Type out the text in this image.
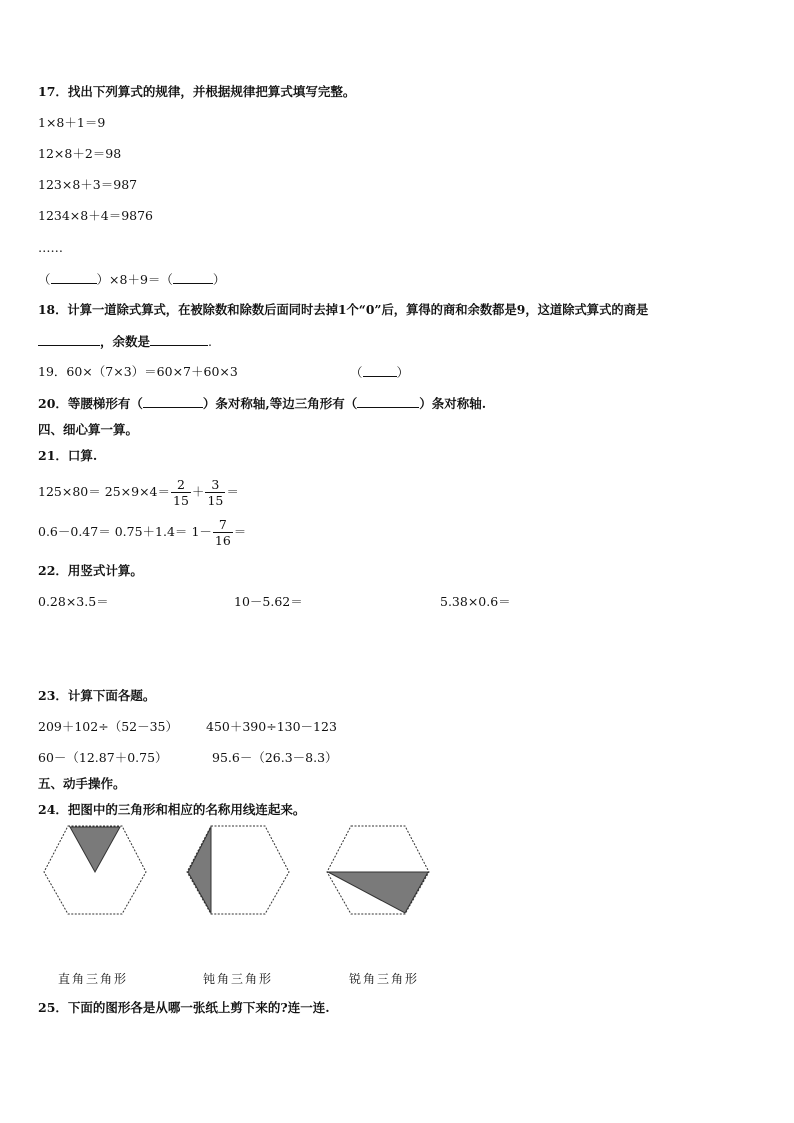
17．找出下列算式的规律，并根据规律把算式填写完整。
1×8＋1＝9
12×8＋2＝98
123×8＋3＝987
1234×8＋4＝9876
……
（	）×8＋9＝（	）
18．计算一道除式算式，在被除数和除数后面同时去掉1个“0”后，算得的商和余数都是9，这道除式算式的商是
，余数是	.
19．60×（7×3）＝60×7＋60×3	（	）
20．等腰梯形有（	）条对称轴,等边三角形有（	）条对称轴.
四、细心算一算。
21．口算.
$125\times 80= 25\times 9\times 4= \frac{2}{15} + \frac{3}{15}$ ＝
$0.6-0.47= 0.75+1.4= 1- \frac{7}{16}$ ＝
22．用竖式计算。
0.28×3.5＝	10－5.62＝	5.38×0.6＝
23．计算下面各题。
209＋102÷（52－35） 450＋390÷130－123
60－（12.87＋0.75）	95.6－（26.3－8.3）
五、动手操作。
24．把图中的三角形和相应的名称用线连起来。
直角三角形	钝角三角形	锐角三角形
25．下面的图形各是从哪一张纸上剪下来的?连一连.
